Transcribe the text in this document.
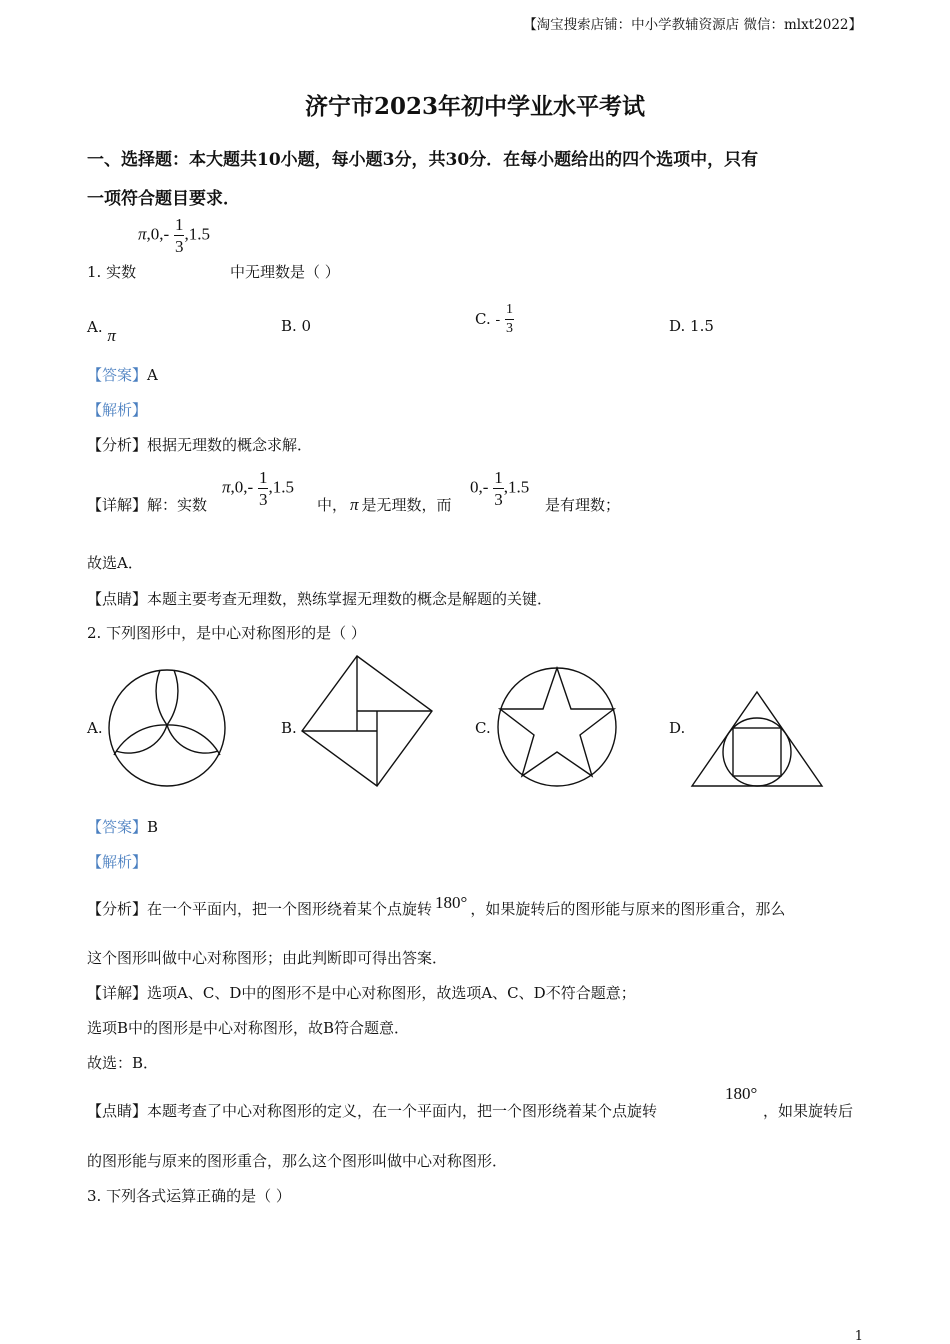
【淘宝搜索店铺：中小学教辅资源店 微信：mlxt2022】
济宁市2023年初中学业水平考试
一、选择题：本大题共10小题，每小题3分，共30分．在每小题给出的四个选项中，只有
一项符合题目要求．
$\pi,0,- \frac{1}{3} ,1.5$
1. 实数	中无理数是（ ）
A. π	B. 0	C. - $\frac{1}{3}$	D. 1.5
【答案】A
【解析】
【分析】根据无理数的概念求解．
【详解】解：实数
$\pi,0,- \frac{1}{3} ,1.5$
中， π 是无理数，而
$0,- \frac{1}{3} ,1.5$
是有理数；
故选A．
【点睛】本题主要考查无理数，熟练掌握无理数的概念是解题的关键．
2. 下列图形中，是中心对称图形的是（ ）
A.	B.	C.	D.
【答案】B
【解析】
【分析】在一个平面内，把一个图形绕着某个点旋转 180° ，如果旋转后的图形能与原来的图形重合，那么
这个图形叫做中心对称图形；由此判断即可得出答案．
【详解】选项A、C、D中的图形不是中心对称图形，故选项A、C、D不符合题意；
选项B中的图形是中心对称图形，故B符合题意．
故选：B．
【点睛】本题考查了中心对称图形的定义，在一个平面内，把一个图形绕着某个点旋转
180°
，如果旋转后
的图形能与原来的图形重合，那么这个图形叫做中心对称图形．
3. 下列各式运算正确的是（ ）
1
